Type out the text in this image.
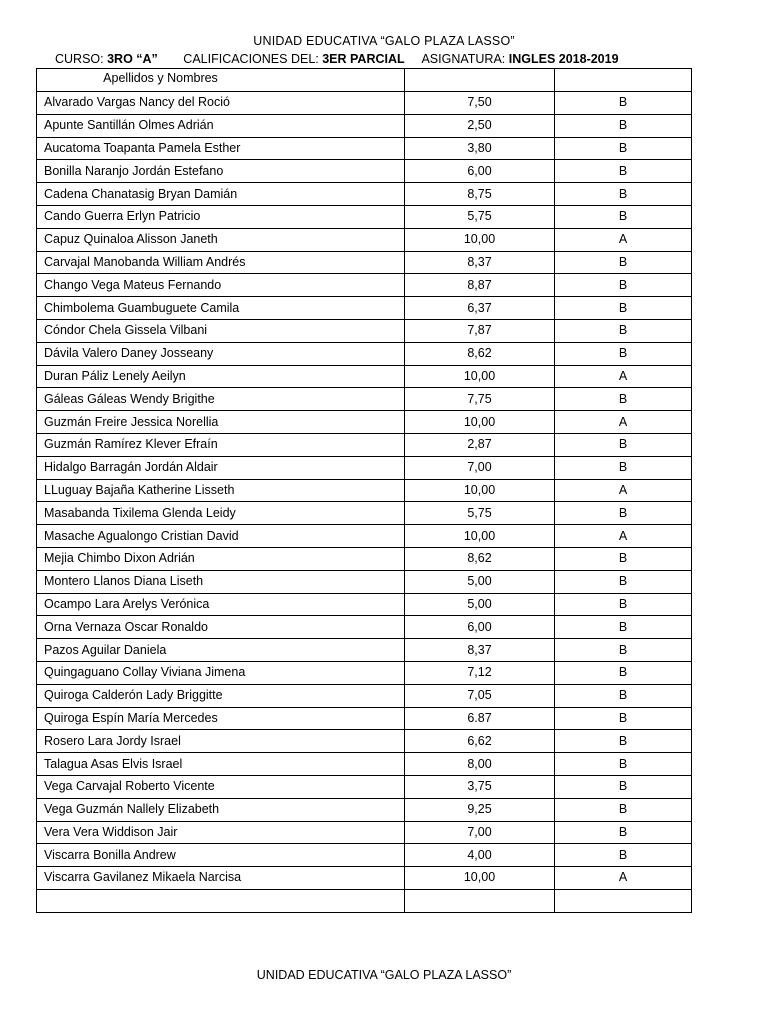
UNIDAD EDUCATIVA “GALO PLAZA LASSO”
CURSO: 3RO “A” CALIFICACIONES DEL: 3ER PARCIAL ASIGNATURA: INGLES 2018-2019
Apellidos y Nombres		
Alvarado Vargas Nancy del Roció	7,50	B
Apunte Santillán Olmes Adrián	2,50	B
Aucatoma Toapanta Pamela Esther	3,80	B
Bonilla Naranjo Jordán Estefano	6,00	B
Cadena Chanatasig Bryan Damián	8,75	B
Cando Guerra Erlyn Patricio	5,75	B
Capuz Quinaloa Alisson Janeth	10,00	A
Carvajal Manobanda William Andrés	8,37	B
Chango Vega Mateus Fernando	8,87	B
Chimbolema Guambuguete Camila	6,37	B
Cóndor Chela Gissela Vilbani	7,87	B
Dávila Valero Daney Josseany	8,62	B
Duran Páliz Lenely Aeilyn	10,00	A
Gáleas Gáleas Wendy Brigithe	7,75	B
Guzmán Freire Jessica Norellia	10,00	A
Guzmán Ramírez Klever Efraín	2,87	B
Hidalgo Barragán Jordán Aldair	7,00	B
LLuguay Bajaña Katherine Lisseth	10,00	A
Masabanda Tixilema Glenda Leidy	5,75	B
Masache Agualongo Cristian David	10,00	A
Mejia Chimbo Dixon Adrián	8,62	B
Montero Llanos Diana Liseth	5,00	B
Ocampo Lara Arelys Verónica	5,00	B
Orna Vernaza Oscar Ronaldo	6,00	B
Pazos Aguilar Daniela	8,37	B
Quingaguano Collay Viviana Jimena	7,12	B
Quiroga Calderón Lady Briggitte	7,05	B
Quiroga Espín María Mercedes	6.87	B
Rosero Lara Jordy Israel	6,62	B
Talagua Asas Elvis Israel	8,00	B
Vega Carvajal Roberto Vicente	3,75	B
Vega Guzmán Nallely Elizabeth	9,25	B
Vera Vera Widdison Jair	7,00	B
Viscarra Bonilla Andrew	4,00	B
Viscarra Gavilanez Mikaela Narcisa	10,00	A

UNIDAD EDUCATIVA “GALO PLAZA LASSO”
